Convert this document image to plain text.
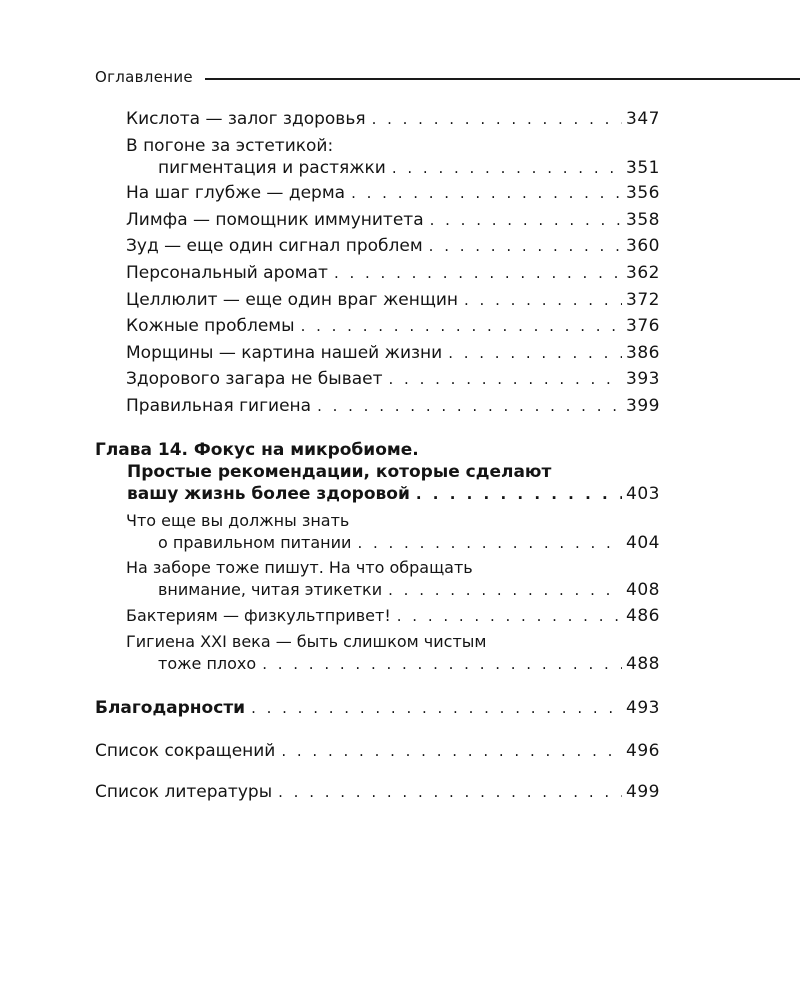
Оглавление
Кислота — залог здоровья . . .	347
В погоне за эстетикой:
пигментация и растяжки . . .	351
На шаг глубже — дерма . . .	356
Лимфа — помощник иммунитета . . .	358
Зуд — еще один сигнал проблем . . .	360
Персональный аромат . . .	362
Целлюлит — еще один враг женщин . . .	372
Кожные проблемы . . .	376
Морщины — картина нашей жизни . . .	386
Здорового загара не бывает . . .	393
Правильная гигиена . . .	399
Глава 14. Фокус на микробиоме.
Простые рекомендации, которые сделают
вашу жизнь более здоровой . . .	403
Что еще вы должны знать
о правильном питании . . .	404
На заборе тоже пишут. На что обращать
внимание, читая этикетки . . .	408
Бактериям — физкультпривет! . . .	486
Гигиена XXI века — быть слишком чистым
тоже плохо . . .	488
Благодарности . . .	493
Список сокращений . . .	496
Список литературы . . .	499
